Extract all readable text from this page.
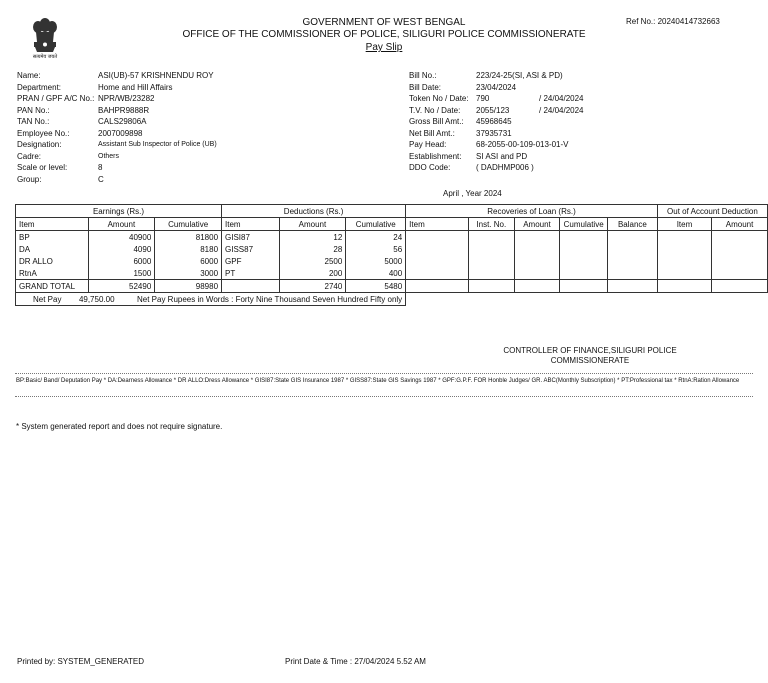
सत्यमेव जयते
GOVERNMENT OF WEST BENGAL
OFFICE OF THE COMMISSIONER OF POLICE, SILIGURI POLICE COMMISSIONERATE
Pay Slip
Ref No.: 20240414732663
Name:	ASI(UB)-57 KRISHNENDU ROY
Department:	Home and Hill Affairs
PRAN / GPF A/C No.: NPR/WB/23282
PAN No.:	BAHPR9888R
TAN No.:	CALS29806A
Employee No.:	2007009898
Designation:	Assistant Sub Inspector of Police (UB)
Cadre:	Others
Scale or level:	8
Group:	C
Bill No.:	223/24-25(SI, ASI & PD)
Bill Date:	23/04/2024
Token No / Date: 790	/ 24/04/2024
T.V. No / Date:	2055/123	/ 24/04/2024
Gross Bill Amt.:	45968645
Net Bill Amt.:	37935731
Pay Head:	68-2055-00-109-013-01-V
Establishment:	SI ASI and PD
DDO Code:	( DADHMP006 )
April , Year 2024
Earnings (Rs.)			Deductions (Rs.)			Recoveries of Loan (Rs.)					Out of Account Deduction	
Item	Amount	Cumulative	Item	Amount	Cumulative	Item	Inst. No.	Amount	Cumulative	Balance	Item	Amount
BP	40900	81800	GISI87	12	24							
DA	4090	8180	GISS87	28	56							
DR ALLO	6000	6000	GPF	2500	5000							
RtnA	1500	3000	PT	200	400							
GRAND TOTAL	52490	98980		2740	5480							
Net Pay 49,750.00 Net Pay Rupees in Words : Forty Nine Thousand Seven Hundred Fifty only												
CONTROLLER OF FINANCE,SILIGURI POLICE
COMMISSIONERATE
BP:Basic/ Band/ Deputation Pay * DA:Dearness Allowance * DR ALLO:Dress Allowance * GISI87:State GIS Insurance 1987 * GISS87:State GIS Savings 1987 * GPF:G.P.F. FOR Honble Judges/ GR. ABC(Monthly Subscription) * PT:Professional tax * RtnA:Ration Allowance
* System generated report and does not require signature.
Printed by: SYSTEM_GENERATED	Print Date & Time : 27/04/2024 5.52 AM
